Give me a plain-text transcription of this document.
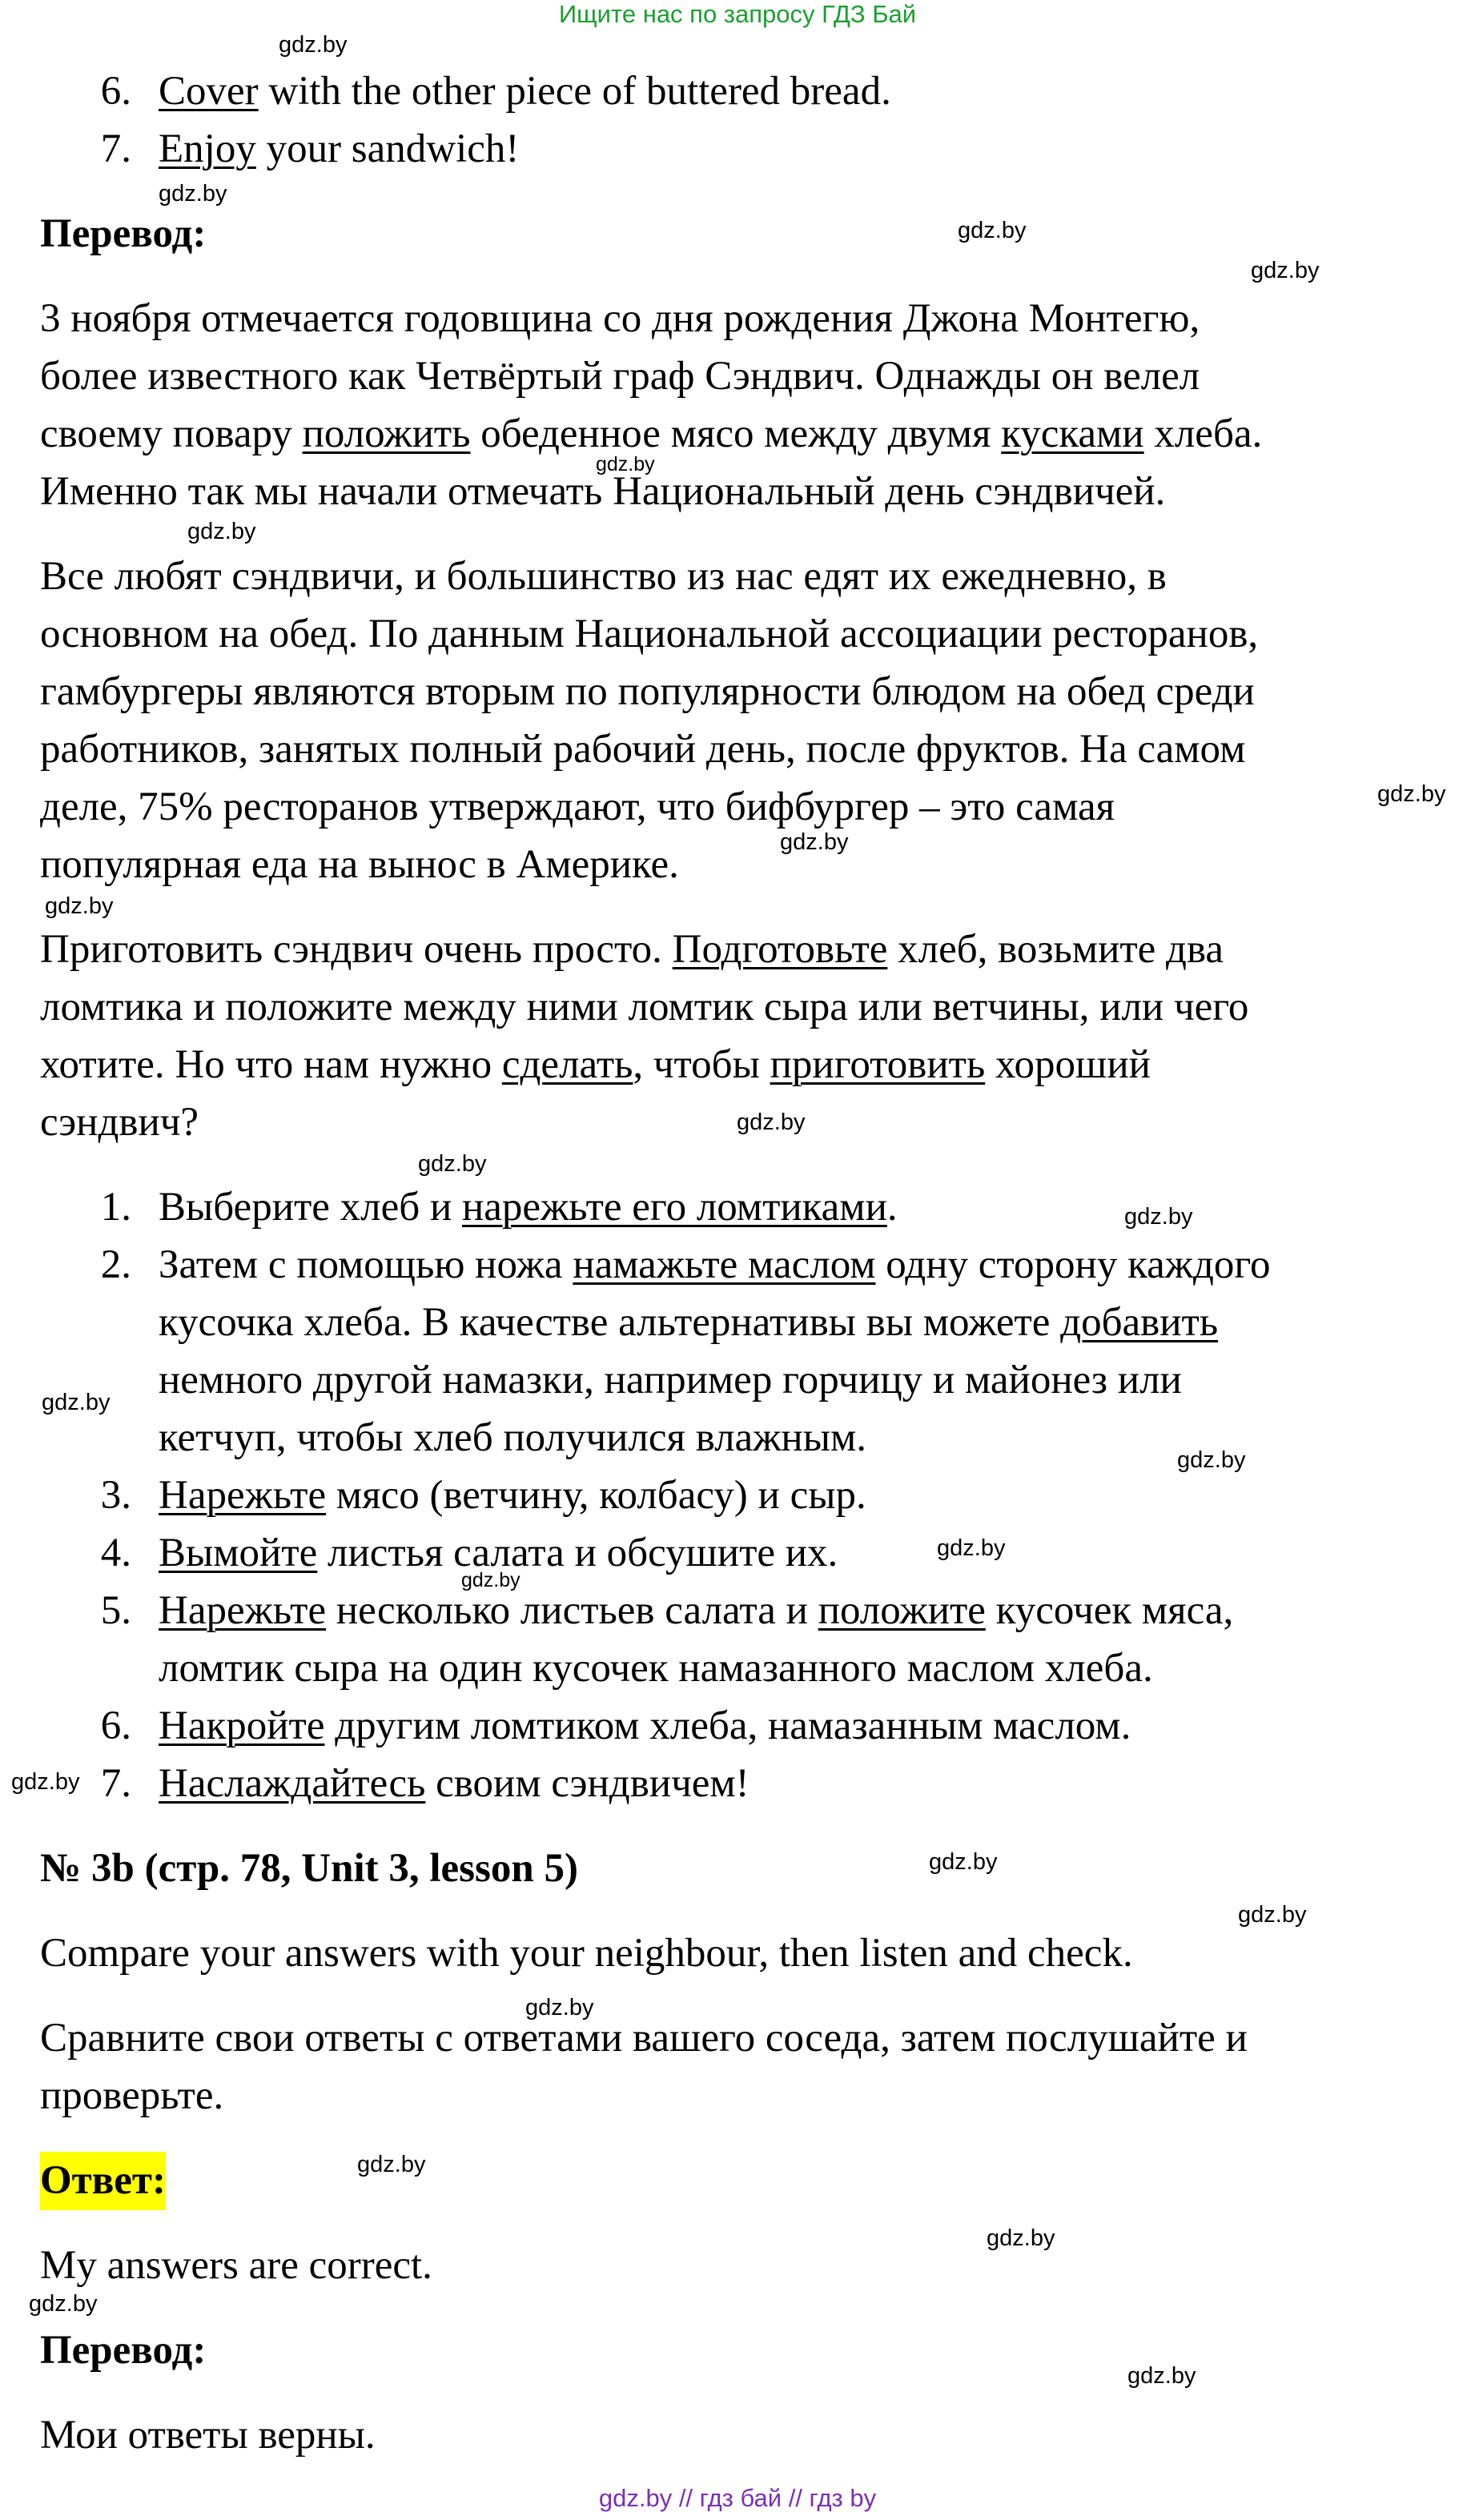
Ищите нас по запросу ГДЗ Бай
6. Cover with the other piece of buttered bread.
7. Enjoy your sandwich!
Перевод:
3 ноября отмечается годовщина со дня рождения Джона Монтегю,
более известного как Четвёртый граф Сэндвич. Однажды он велел
своему повару положить обеденное мясо между двумя кусками хлеба.
Именно так мы начали отмечать Национальный день сэндвичей.
Все любят сэндвичи, и большинство из нас едят их ежедневно, в
основном на обед. По данным Национальной ассоциации ресторанов,
гамбургеры являются вторым по популярности блюдом на обед среди
работников, занятых полный рабочий день, после фруктов. На самом
деле, 75% ресторанов утверждают, что бифбургер – это самая
популярная еда на вынос в Америке.
Приготовить сэндвич очень просто. Подготовьте хлеб, возьмите два
ломтика и положите между ними ломтик сыра или ветчины, или чего
хотите. Но что нам нужно сделать, чтобы приготовить хороший
сэндвич?
1. Выберите хлеб и нарежьте его ломтиками.
2. Затем с помощью ножа намажьте маслом одну сторону каждого
кусочка хлеба. В качестве альтернативы вы можете добавить
немного другой намазки, например горчицу и майонез или
кетчуп, чтобы хлеб получился влажным.
3. Нарежьте мясо (ветчину, колбасу) и сыр.
4. Вымойте листья салата и обсушите их.
5. Нарежьте несколько листьев салата и положите кусочек мяса,
ломтик сыра на один кусочек намазанного маслом хлеба.
6. Накройте другим ломтиком хлеба, намазанным маслом.
7. Наслаждайтесь своим сэндвичем!
№ 3b (стр. 78, Unit 3, lesson 5)
Compare your answers with your neighbour, then listen and check.
Сравните свои ответы с ответами вашего соседа, затем послушайте и
проверьте.
Ответ:
My answers are correct.
Перевод:
Мои ответы верны.
gdz.by
gdz.by
gdz.by
gdz.by
gdz.by
gdz.by
gdz.by
gdz.by
gdz.by
gdz.by
gdz.by
gdz.by
gdz.by
gdz.by
gdz.by
gdz.by
gdz.by
gdz.by
gdz.by
gdz.by
gdz.by
gdz.by
gdz.by
gdz.by
gdz.by // гдз бай // гдз by
